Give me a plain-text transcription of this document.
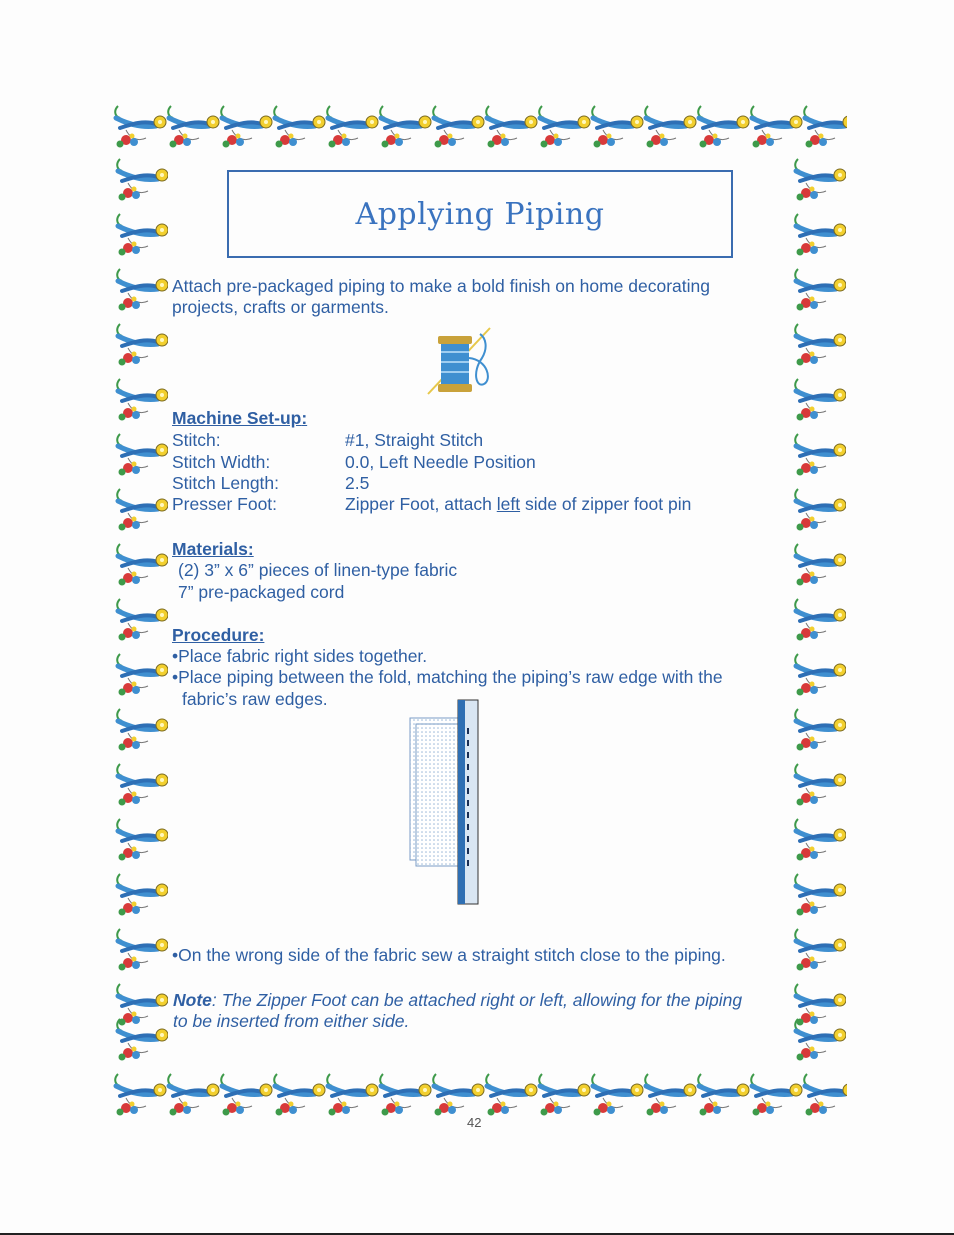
Applying Piping

Attach pre-packaged piping to make a bold finish on home decorating

projects, crafts or garments.

Machine Set-up:

Stitch:	#1, Straight Stitch

Stitch Width:	0.0, Left Needle Position

Stitch Length:	2.5

Presser Foot:	Zipper Foot, attach left side of zipper foot pin

Materials:

(2) 3” x 6” pieces of linen-type fabric

7” pre-packaged cord

Procedure:

•Place fabric right sides together.

•Place piping between the fold, matching the piping’s raw edge with the

fabric’s raw edges.

•On the wrong side of the fabric sew a straight stitch close to the piping.

Note: The Zipper Foot can be attached right or left, allowing for the piping

to be inserted from either side.

42
